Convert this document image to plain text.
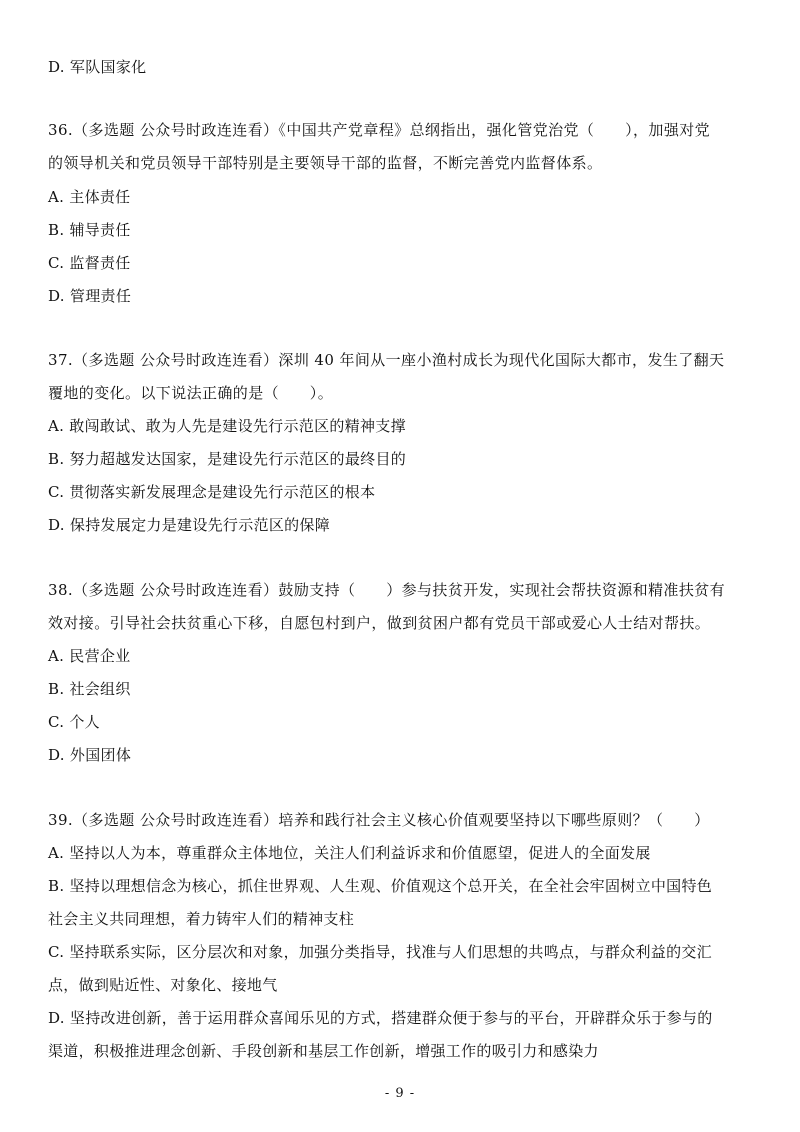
D. 军队国家化
36.（多选题 公众号时政连连看）《中国共产党章程》总纲指出，强化管党治党（　　），加强对党
的领导机关和党员领导干部特别是主要领导干部的监督，不断完善党内监督体系。
A. 主体责任
B. 辅导责任
C. 监督责任
D. 管理责任
37.（多选题 公众号时政连连看）深圳 40 年间从一座小渔村成长为现代化国际大都市，发生了翻天
覆地的变化。以下说法正确的是（　　）。
A. 敢闯敢试、敢为人先是建设先行示范区的精神支撑
B. 努力超越发达国家，是建设先行示范区的最终目的
C. 贯彻落实新发展理念是建设先行示范区的根本
D. 保持发展定力是建设先行示范区的保障
38.（多选题 公众号时政连连看）鼓励支持（　　）参与扶贫开发，实现社会帮扶资源和精准扶贫有
效对接。引导社会扶贫重心下移，自愿包村到户，做到贫困户都有党员干部或爱心人士结对帮扶。
A. 民营企业
B. 社会组织
C. 个人
D. 外国团体
39.（多选题 公众号时政连连看）培养和践行社会主义核心价值观要坚持以下哪些原则？（　　）
A. 坚持以人为本，尊重群众主体地位，关注人们利益诉求和价值愿望，促进人的全面发展
B. 坚持以理想信念为核心，抓住世界观、人生观、价值观这个总开关，在全社会牢固树立中国特色
社会主义共同理想，着力铸牢人们的精神支柱
C. 坚持联系实际，区分层次和对象，加强分类指导，找准与人们思想的共鸣点，与群众利益的交汇
点，做到贴近性、对象化、接地气
D. 坚持改进创新，善于运用群众喜闻乐见的方式，搭建群众便于参与的平台，开辟群众乐于参与的
渠道，积极推进理念创新、手段创新和基层工作创新，增强工作的吸引力和感染力
- 9 -
